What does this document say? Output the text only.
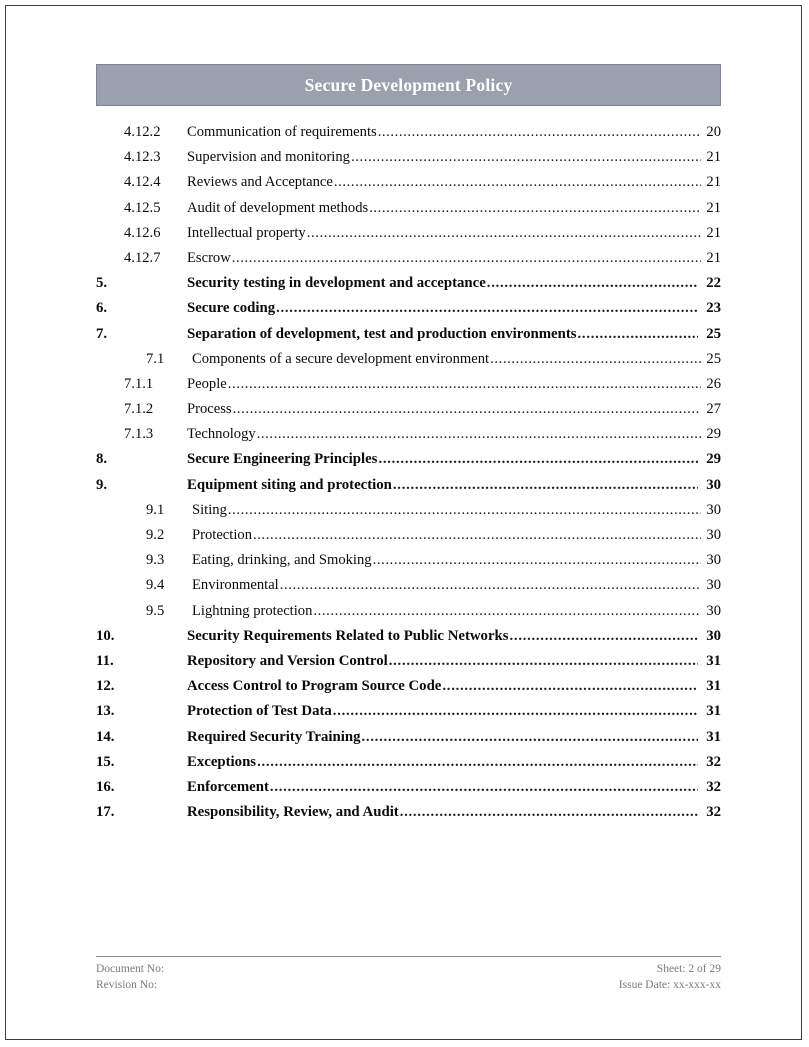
Secure Development Policy
4.12.2 Communication of requirements .....	20
4.12.3 Supervision and monitoring .....	21
4.12.4 Reviews and Acceptance .....	21
4.12.5 Audit of development methods .....	21
4.12.6 Intellectual property .....	21
4.12.7 Escrow .....	21
5.	Security testing in development and acceptance .....	22
6.	Secure coding .....	23
7.	Separation of development, test and production environments .....	25
7.1 Components of a secure development environment .....	25
7.1.1	People .....	26
7.1.2	Process .....	27
7.1.3	Technology .....	29
8.	Secure Engineering Principles .....	29
9.	Equipment siting and protection .....	30
9.1 Siting .....	30
9.2 Protection .....	30
9.3 Eating, drinking, and Smoking .....	30
9.4 Environmental .....	30
9.5 Lightning protection .....	30
10.	Security Requirements Related to Public Networks .....	30
11.	Repository and Version Control .....	31
12.	Access Control to Program Source Code .....	31
13.	Protection of Test Data .....	31
14.	Required Security Training .....	31
15.	Exceptions .....	32
16.	Enforcement .....	32
17.	Responsibility, Review, and Audit .....	32
Document No:
Revision No:
Sheet: 2 of 29
Issue Date: xx-xxx-xx
